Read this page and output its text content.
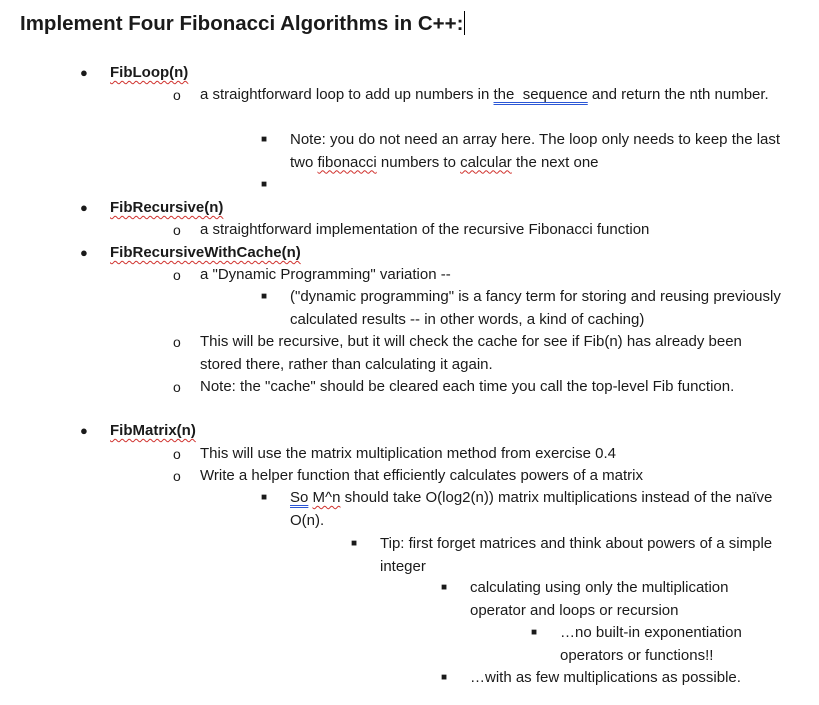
Implement Four Fibonacci Algorithms in C++:
● FibLoop(n)
o a straightforward loop to add up numbers in the  sequence and return the nth number.
■ Note: you do not need an array here. The loop only needs to keep the last two fibonacci numbers to calcular the next one
■
● FibRecursive(n)
o a straightforward implementation of the recursive Fibonacci function
● FibRecursiveWithCache(n)
o a "Dynamic Programming" variation --
■ ("dynamic programming" is a fancy term for storing and reusing previously calculated results -- in other words, a kind of caching)
o This will be recursive, but it will check the cache for see if Fib(n) has already been stored there, rather than calculating it again.
o Note: the "cache" should be cleared each time you call the top-level Fib function.
● FibMatrix(n)
o This will use the matrix multiplication method from exercise 0.4
o Write a helper function that efficiently calculates powers of a matrix
■ So M^n should take O(log2(n)) matrix multiplications instead of the naïve O(n).
■ Tip: first forget matrices and think about powers of a simple integer
■ calculating using only the multiplication operator and loops or recursion
■ …no built-in exponentiation operators or functions!!
■ …with as few multiplications as possible.
